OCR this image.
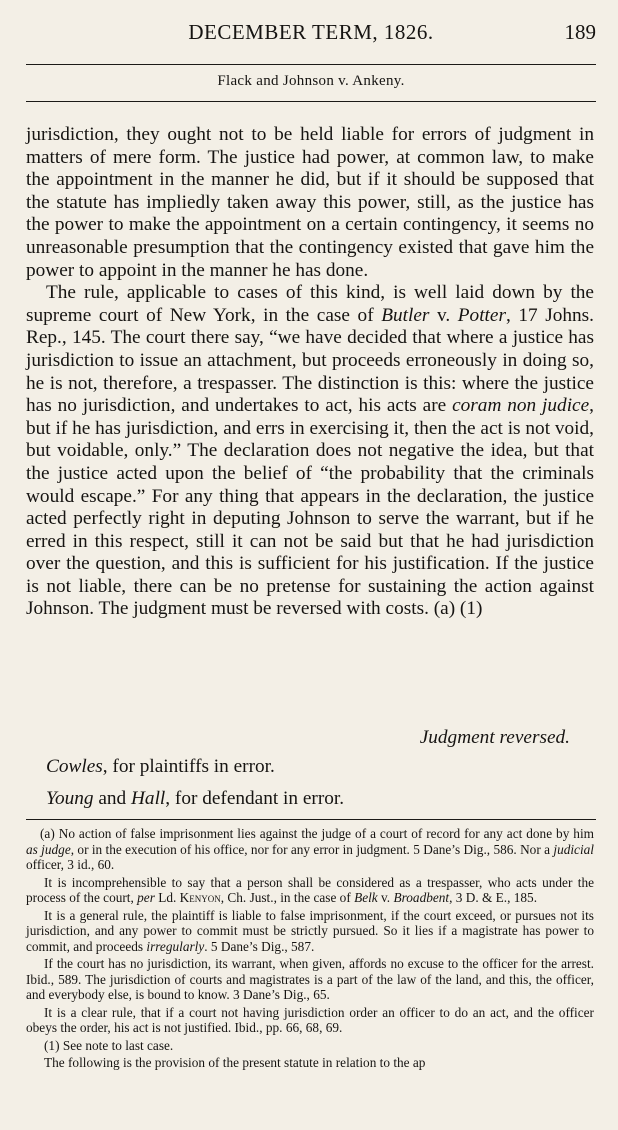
DECEMBER TERM, 1826.	189
Flack and Johnson v. Ankeny.

jurisdiction, they ought not to be held liable for errors of judgment in matters of mere form. The justice had power, at common law, to make the appointment in the manner he did, but if it should be supposed that the statute has impliedly taken away this power, still, as the justice has the power to make the appointment on a certain contingency, it seems no unreasonable presumption that the contingency existed that gave him the power to appoint in the manner he has done.

The rule, applicable to cases of this kind, is well laid down by the supreme court of New York, in the case of Butler v. Potter, 17 Johns. Rep., 145. The court there say, “we have decided that where a justice has jurisdiction to issue an attachment, but proceeds erroneously in doing so, he is not, therefore, a trespasser. The distinction is this: where the justice has no jurisdiction, and undertakes to act, his acts are coram non judice, but if he has jurisdiction, and errs in exercising it, then the act is not void, but voidable, only.” The declaration does not negative the idea, but that the justice acted upon the belief of “the probability that the criminals would escape.” For any thing that appears in the declaration, the justice acted perfectly right in deputing Johnson to serve the warrant, but if he erred in this respect, still it can not be said but that he had jurisdiction over the question, and this is sufficient for his justification. If the justice is not liable, there can be no pretense for sustaining the action against Johnson. The judgment must be reversed with costs. (a) (1)

Judgment reversed.
Cowles, for plaintiffs in error.
Young and Hall, for defendant in error.

(a) No action of false imprisonment lies against the judge of a court of record for any act done by him as judge, or in the execution of his office, nor for any error in judgment. 5 Dane’s Dig., 586. Nor a judicial officer, 3 id., 60.

It is incomprehensible to say that a person shall be considered as a trespasser, who acts under the process of the court, per Ld. Kenyon, Ch. Just., in the case of Belk v. Broadbent, 3 D. & E., 185.

It is a general rule, the plaintiff is liable to false imprisonment, if the court exceed, or pursues not its jurisdiction, and any power to commit must be strictly pursued. So it lies if a magistrate has power to commit, and proceeds irregularly. 5 Dane’s Dig., 587.

If the court has no jurisdiction, its warrant, when given, affords no excuse to the officer for the arrest. Ibid., 589. The jurisdiction of courts and magistrates is a part of the law of the land, and this, the officer, and everybody else, is bound to know. 3 Dane’s Dig., 65.

It is a clear rule, that if a court not having jurisdiction order an officer to do an act, and the officer obeys the order, his act is not justified. Ibid., pp. 66, 68, 69.

(1) See note to last case.

The following is the provision of the present statute in relation to the ap
